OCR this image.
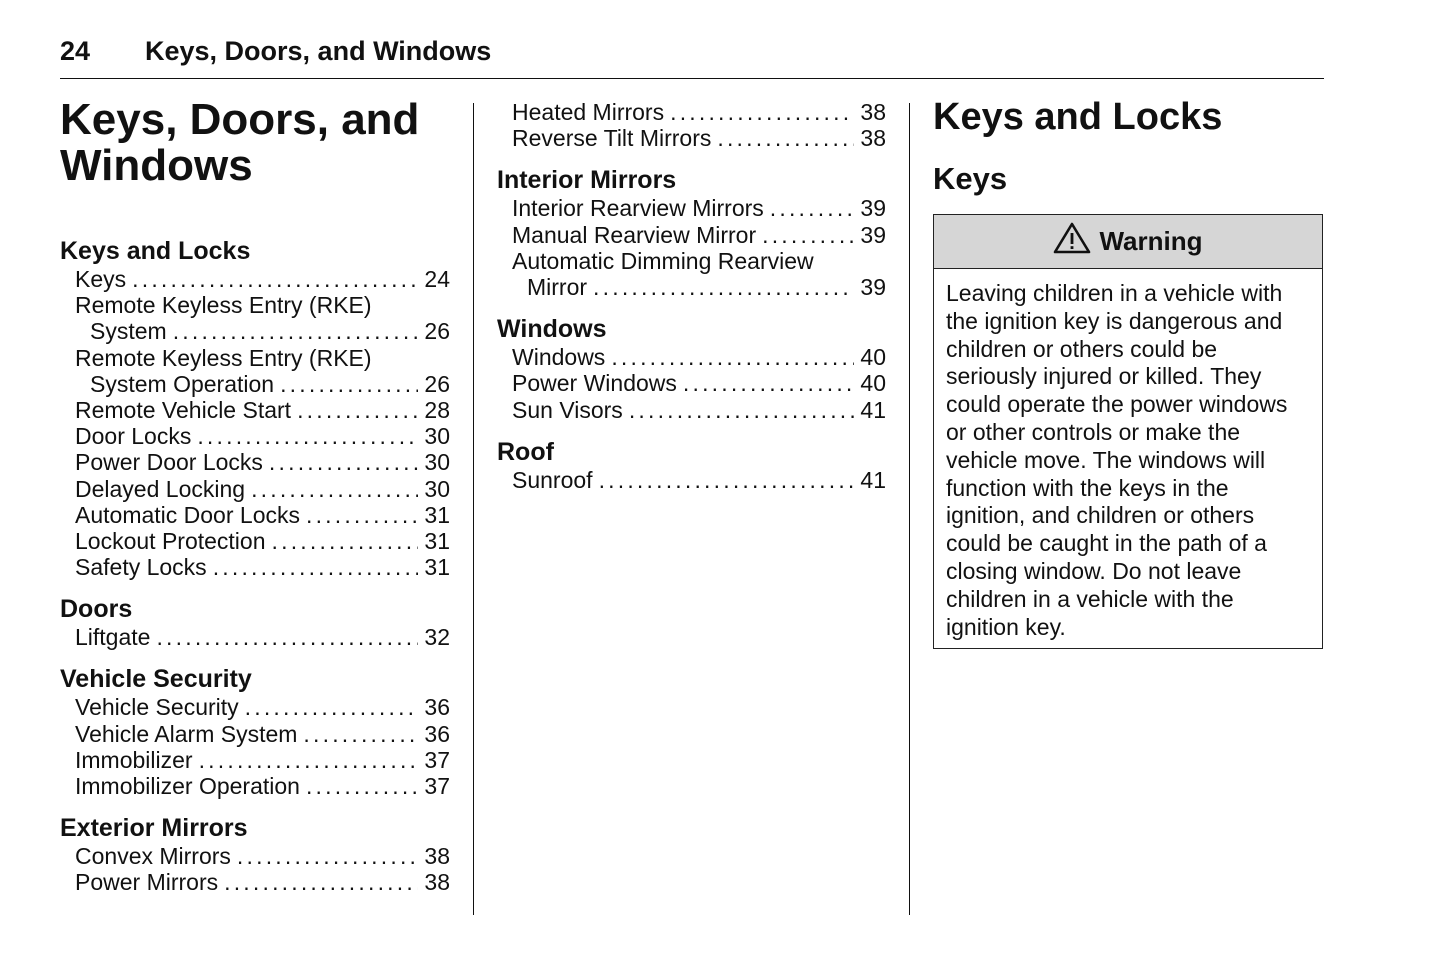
24 Keys, Doors, and Windows
Keys, Doors, and
Windows
Keys and Locks
Keys .....	24
Remote Keyless Entry (RKE)
System .....	26
Remote Keyless Entry (RKE)
System Operation .....	26
Remote Vehicle Start .....	28
Door Locks .....	30
Power Door Locks .....	30
Delayed Locking .....	30
Automatic Door Locks .....	31
Lockout Protection .....	31
Safety Locks .....	31
Doors
Liftgate .....	32
Vehicle Security
Vehicle Security .....	36
Vehicle Alarm System .....	36
Immobilizer .....	37
Immobilizer Operation .....	37
Exterior Mirrors
Convex Mirrors .....	38
Power Mirrors .....	38
Heated Mirrors .....	38
Reverse Tilt Mirrors .....	38
Interior Mirrors
Interior Rearview Mirrors .....	39
Manual Rearview Mirror .....	39
Automatic Dimming Rearview
Mirror .....	39
Windows
Windows .....	40
Power Windows .....	40
Sun Visors .....	41
Roof
Sunroof .....	41
Keys and Locks
Keys
Warning
Leaving children in a vehicle with the ignition key is dangerous and children or others could be seriously injured or killed. They could operate the power windows or other controls or make the vehicle move. The windows will function with the keys in the ignition, and children or others could be caught in the path of a closing window. Do not leave children in a vehicle with the ignition key.
